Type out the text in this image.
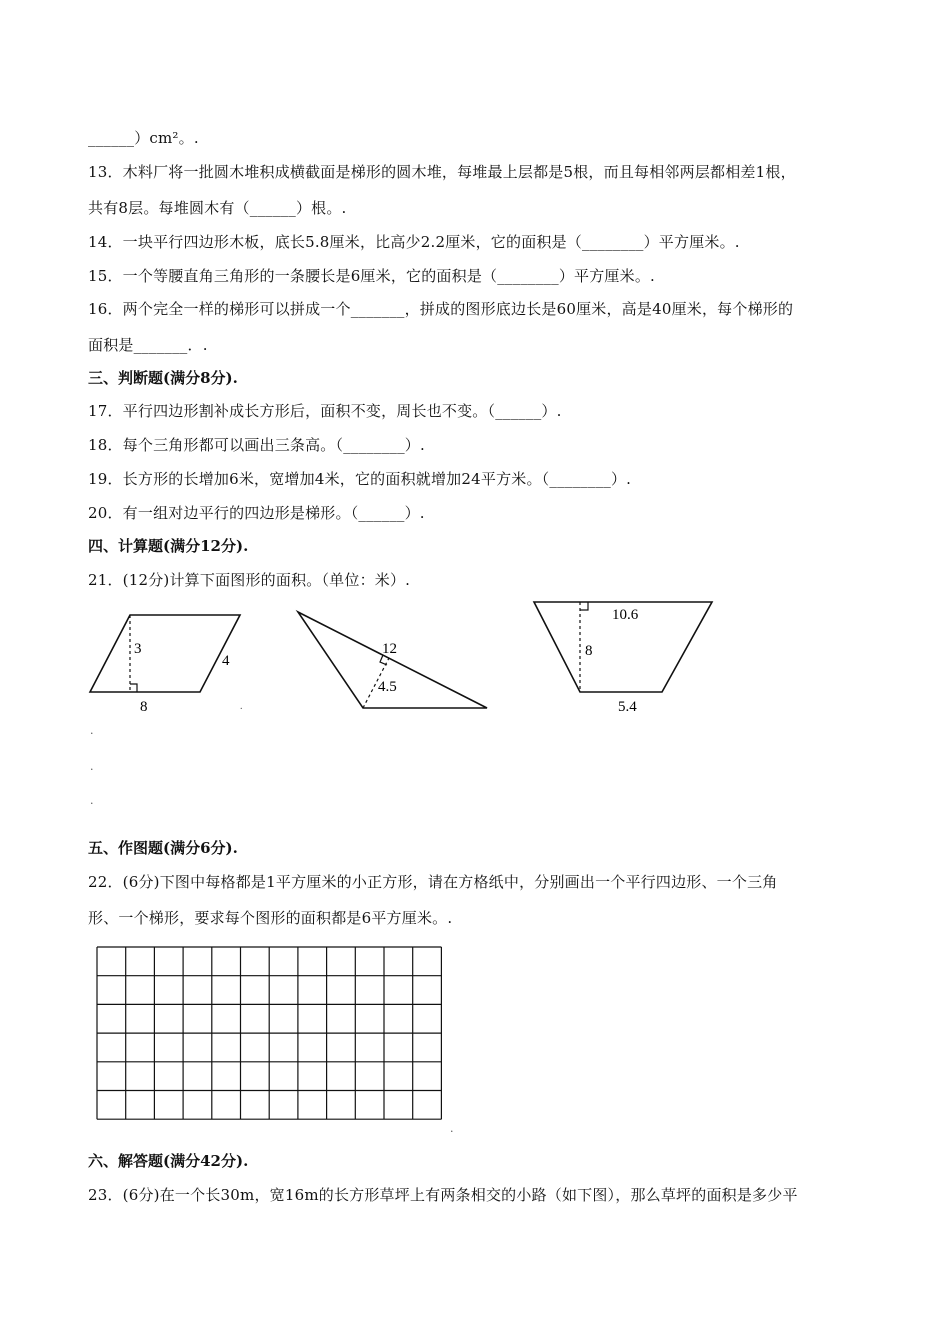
______）cm²。.
13．木料厂将一批圆木堆积成横截面是梯形的圆木堆，每堆最上层都是5根，而且每相邻两层都相差1根，
共有8层。每堆圆木有（______）根。.
14．一块平行四边形木板，底长5.8厘米，比高少2.2厘米，它的面积是（________）平方厘米。.
15．一个等腰直角三角形的一条腰长是6厘米，它的面积是（________）平方厘米。.
16．两个完全一样的梯形可以拼成一个_______，拼成的图形底边长是60厘米，高是40厘米，每个梯形的
面积是_______．.
三、判断题(满分8分).
17．平行四边形割补成长方形后，面积不变，周长也不变。（______）.
18．每个三角形都可以画出三条高。（________）.
19．长方形的长增加6米，宽增加4米，它的面积就增加24平方米。（________）.
20．有一组对边平行的四边形是梯形。（______）.
四、计算题(满分12分).
21．(12分)计算下面图形的面积。（单位：米）.
3
4
8	.
12
4.5
10.6
8
5.4
.
.
.
五、作图题(满分6分).
22．(6分)下图中每格都是1平方厘米的小正方形，请在方格纸中，分别画出一个平行四边形、一个三角
形、一个梯形，要求每个图形的面积都是6平方厘米。.
.
六、解答题(满分42分).
23．(6分)在一个长30m，宽16m的长方形草坪上有两条相交的小路（如下图），那么草坪的面积是多少平
